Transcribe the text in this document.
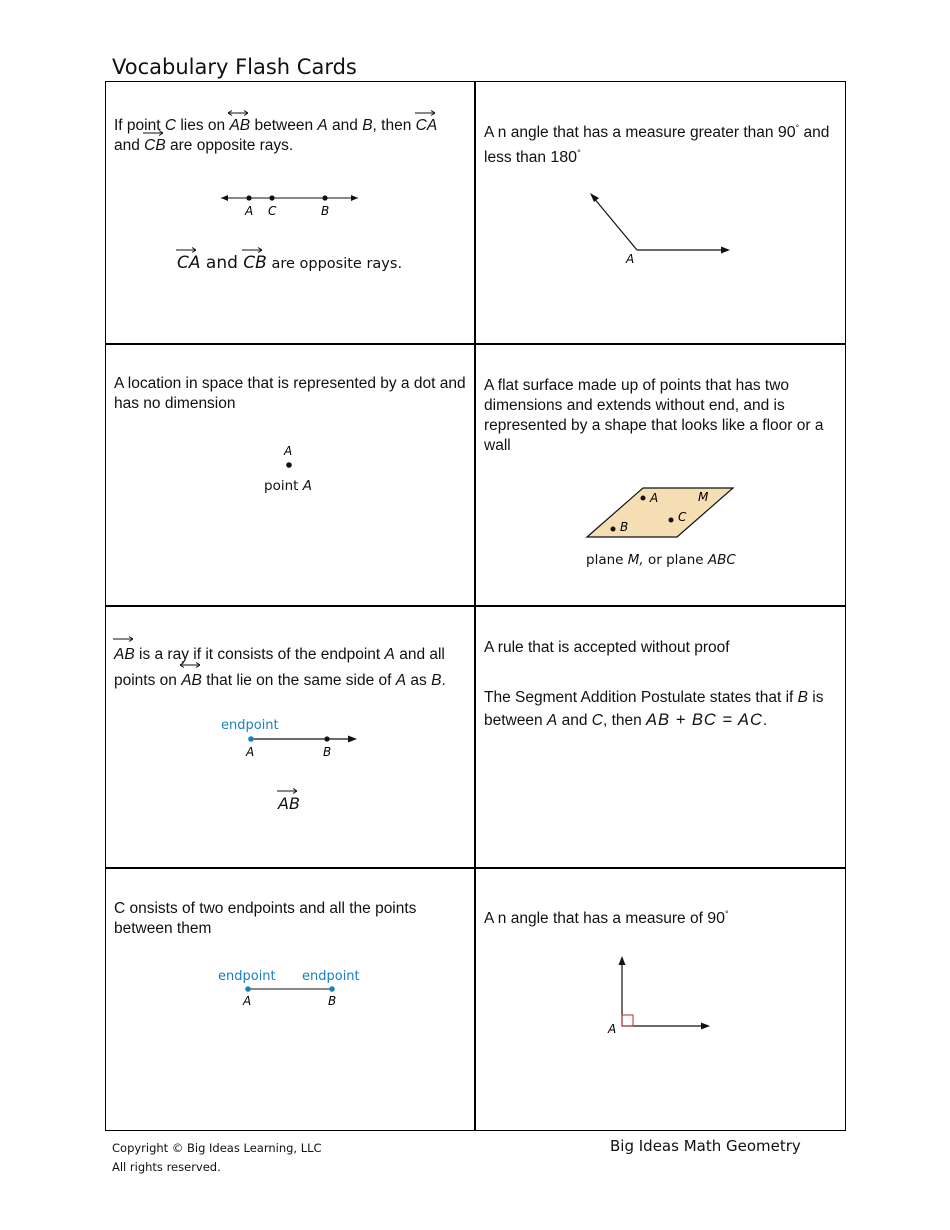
Vocabulary Flash Cards
If point C lies on
AB between A and B, then
CA and
CB are opposite rays.
A C	B
CA and
CB are opposite rays.
A n angle that has a measure greater than 90° and less than 180°
A
A location in space that is represented by a dot and has no dimension
A
point A
A flat surface made up of points that has two dimensions and extends without end, and is represented by a shape that looks like a floor or a wall
A	M
C
B
plane M, or plane ABC
AB is a ray if it consists of the endpoint A and all points on
AB that lie on the same side of A as B.
endpoint
A	B
AB
A rule that is accepted without proof
The Segment Addition Postulate states that if B is between A and C, then AB + BC = AC.
C onsists of two endpoints and all the points between them
endpoint endpoint
A	B
A n angle that has a measure of 90°
A
Copyright © Big Ideas Learning, LLC
All rights reserved.
Big Ideas Math Geometry
